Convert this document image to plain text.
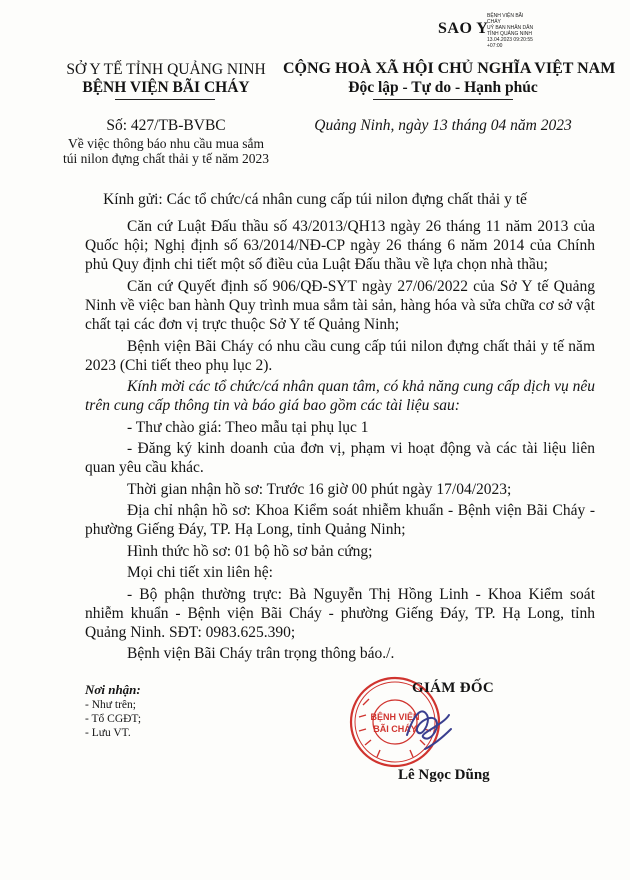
SAO Y
BỆNH VIỆN BÃI
CHÁY
UỶ BAN NHÂN DÂN
TỈNH QUẢNG NINH
13.04.2023 09:20:55
+07:00
SỞ Y TẾ TỈNH QUẢNG NINH
BỆNH VIỆN BÃI CHÁY
CỘNG HOÀ XÃ HỘI CHỦ NGHĨA VIỆT NAM
Độc lập - Tự do - Hạnh phúc
Số: 427/TB-BVBC
Về việc thông báo nhu cầu mua sắm
túi nilon đựng chất thải y tế năm 2023
Quảng Ninh, ngày 13 tháng 04 năm 2023
Kính gửi: Các tổ chức/cá nhân cung cấp túi nilon đựng chất thải y tế

Căn cứ Luật Đấu thầu số 43/2013/QH13 ngày 26 tháng 11 năm 2013 của Quốc hội; Nghị định số 63/2014/NĐ-CP ngày 26 tháng 6 năm 2014 của Chính phủ Quy định chi tiết một số điều của Luật Đấu thầu về lựa chọn nhà thầu;

Căn cứ Quyết định số 906/QĐ-SYT ngày 27/06/2022 của Sở Y tế Quảng Ninh về việc ban hành Quy trình mua sắm tài sản, hàng hóa và sửa chữa cơ sở vật chất tại các đơn vị trực thuộc Sở Y tế Quảng Ninh;

Bệnh viện Bãi Cháy có nhu cầu cung cấp túi nilon đựng chất thải y tế năm 2023 (Chi tiết theo phụ lục 2).

Kính mời các tổ chức/cá nhân quan tâm, có khả năng cung cấp dịch vụ nêu trên cung cấp thông tin và báo giá bao gồm các tài liệu sau:

- Thư chào giá: Theo mẫu tại phụ lục 1

- Đăng ký kinh doanh của đơn vị, phạm vi hoạt động và các tài liệu liên quan yêu cầu khác.

Thời gian nhận hồ sơ: Trước 16 giờ 00 phút ngày 17/04/2023;

Địa chỉ nhận hồ sơ: Khoa Kiểm soát nhiễm khuẩn - Bệnh viện Bãi Cháy - phường Giếng Đáy, TP. Hạ Long, tỉnh Quảng Ninh;

Hình thức hồ sơ: 01 bộ hồ sơ bản cứng;

Mọi chi tiết xin liên hệ:

- Bộ phận thường trực: Bà Nguyễn Thị Hồng Linh - Khoa Kiểm soát nhiễm khuẩn - Bệnh viện Bãi Cháy - phường Giếng Đáy, TP. Hạ Long, tỉnh Quảng Ninh. SĐT: 0983.625.390;

Bệnh viện Bãi Cháy trân trọng thông báo./.

Nơi nhận:
- Như trên;
- Tổ CGĐT;
- Lưu VT.
BỆNH VIỆN
BÃI CHÁY
GIÁM ĐỐC
Lê Ngọc Dũng
